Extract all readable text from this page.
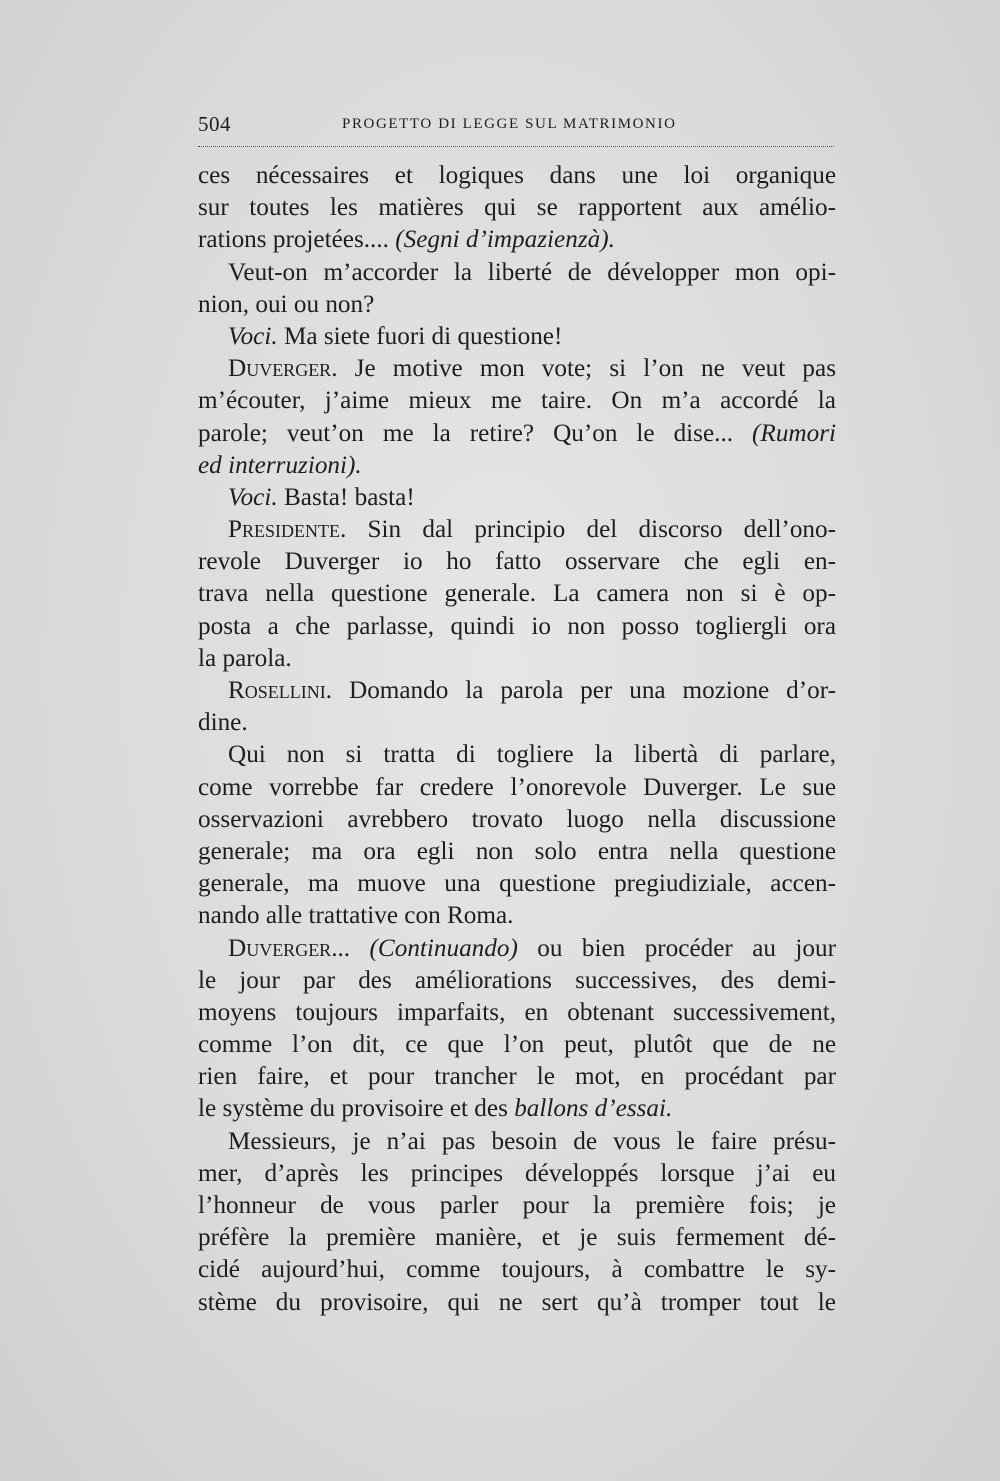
504	PROGETTO DI LEGGE SUL MATRIMONIO
ces nécessaires et logiques dans une loi organique
sur toutes les matières qui se rapportent aux amélio-
rations projetées.... (Segni d’impazienzà).
Veut-on m’accorder la liberté de développer mon opi-
nion, oui ou non?
Voci. Ma siete fuori di questione!
Duverger. Je motive mon vote; si l’on ne veut pas
m’écouter, j’aime mieux me taire. On m’a accordé la
parole; veut’on me la retire? Qu’on le dise... (Rumori
ed interruzioni).
Voci. Basta! basta!
Presidente. Sin dal principio del discorso dell’ono-
revole Duverger io ho fatto osservare che egli en-
trava nella questione generale. La camera non si è op-
posta a che parlasse, quindi io non posso togliergli ora
la parola.
Rosellini. Domando la parola per una mozione d’or-
dine.
Qui non si tratta di togliere la libertà di parlare,
come vorrebbe far credere l’onorevole Duverger. Le sue
osservazioni avrebbero trovato luogo nella discussione
generale; ma ora egli non solo entra nella questione
generale, ma muove una questione pregiudiziale, accen-
nando alle trattative con Roma.
Duverger... (Continuando) ou bien procéder au jour
le jour par des améliorations successives, des demi-
moyens toujours imparfaits, en obtenant successivement,
comme l’on dit, ce que l’on peut, plutôt que de ne
rien faire, et pour trancher le mot, en procédant par
le système du provisoire et des ballons d’essai.
Messieurs, je n’ai pas besoin de vous le faire présu-
mer, d’après les principes développés lorsque j’ai eu
l’honneur de vous parler pour la première fois; je
préfère la première manière, et je suis fermement dé-
cidé aujourd’hui, comme toujours, à combattre le sy-
stème du provisoire, qui ne sert qu’à tromper tout le
